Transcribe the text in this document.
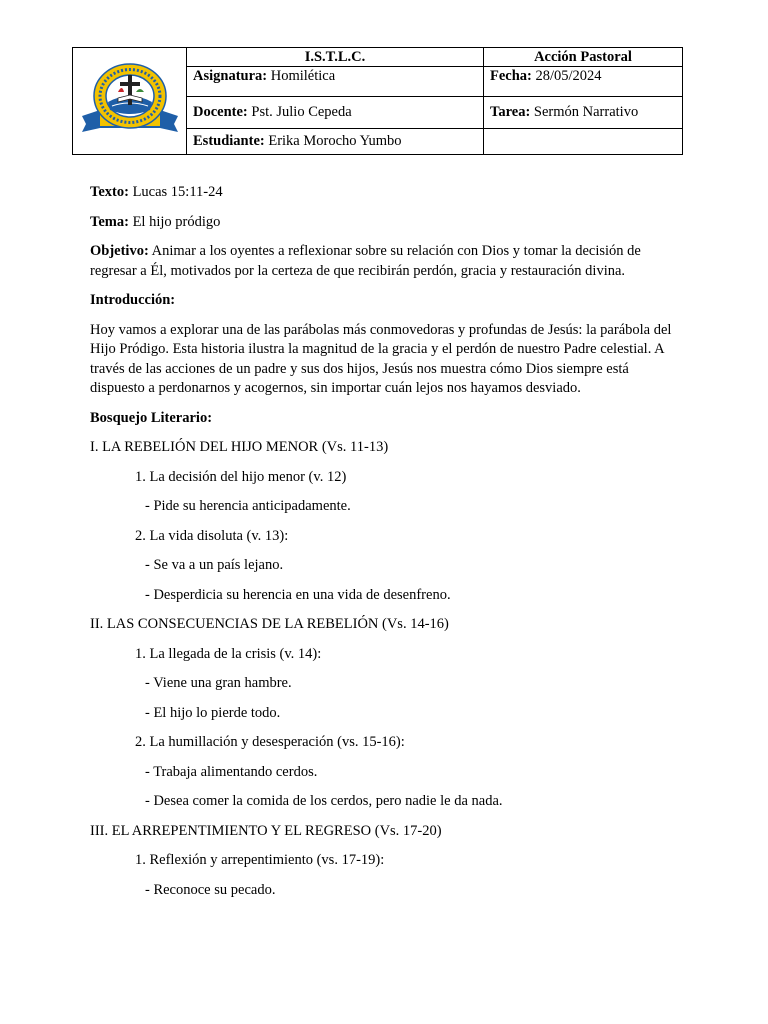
	I.S.T.L.C.	Acción Pastoral
	Asignatura: Homilética	Fecha: 28/05/2024
	Docente: Pst. Julio Cepeda	Tarea: Sermón Narrativo
	Estudiante: Erika Morocho Yumbo	

Texto: Lucas 15:11-24

Tema: El hijo pródigo

Objetivo: Animar a los oyentes a reflexionar sobre su relación con Dios y tomar la decisión de regresar a Él, motivados por la certeza de que recibirán perdón, gracia y restauración divina.

Introducción:

Hoy vamos a explorar una de las parábolas más conmovedoras y profundas de Jesús: la parábola del Hijo Pródigo. Esta historia ilustra la magnitud de la gracia y el perdón de nuestro Padre celestial. A través de las acciones de un padre y sus dos hijos, Jesús nos muestra cómo Dios siempre está dispuesto a perdonarnos y acogernos, sin importar cuán lejos nos hayamos desviado.

Bosquejo Literario:

I. LA REBELIÓN DEL HIJO MENOR (Vs. 11-13)

1. La decisión del hijo menor (v. 12)

- Pide su herencia anticipadamente.

2. La vida disoluta (v. 13):

- Se va a un país lejano.

- Desperdicia su herencia en una vida de desenfreno.

II. LAS CONSECUENCIAS DE LA REBELIÓN (Vs. 14-16)

1. La llegada de la crisis (v. 14):

- Viene una gran hambre.

- El hijo lo pierde todo.

2. La humillación y desesperación (vs. 15-16):

- Trabaja alimentando cerdos.

- Desea comer la comida de los cerdos, pero nadie le da nada.

III. EL ARREPENTIMIENTO Y EL REGRESO (Vs. 17-20)

1. Reflexión y arrepentimiento (vs. 17-19):

- Reconoce su pecado.
